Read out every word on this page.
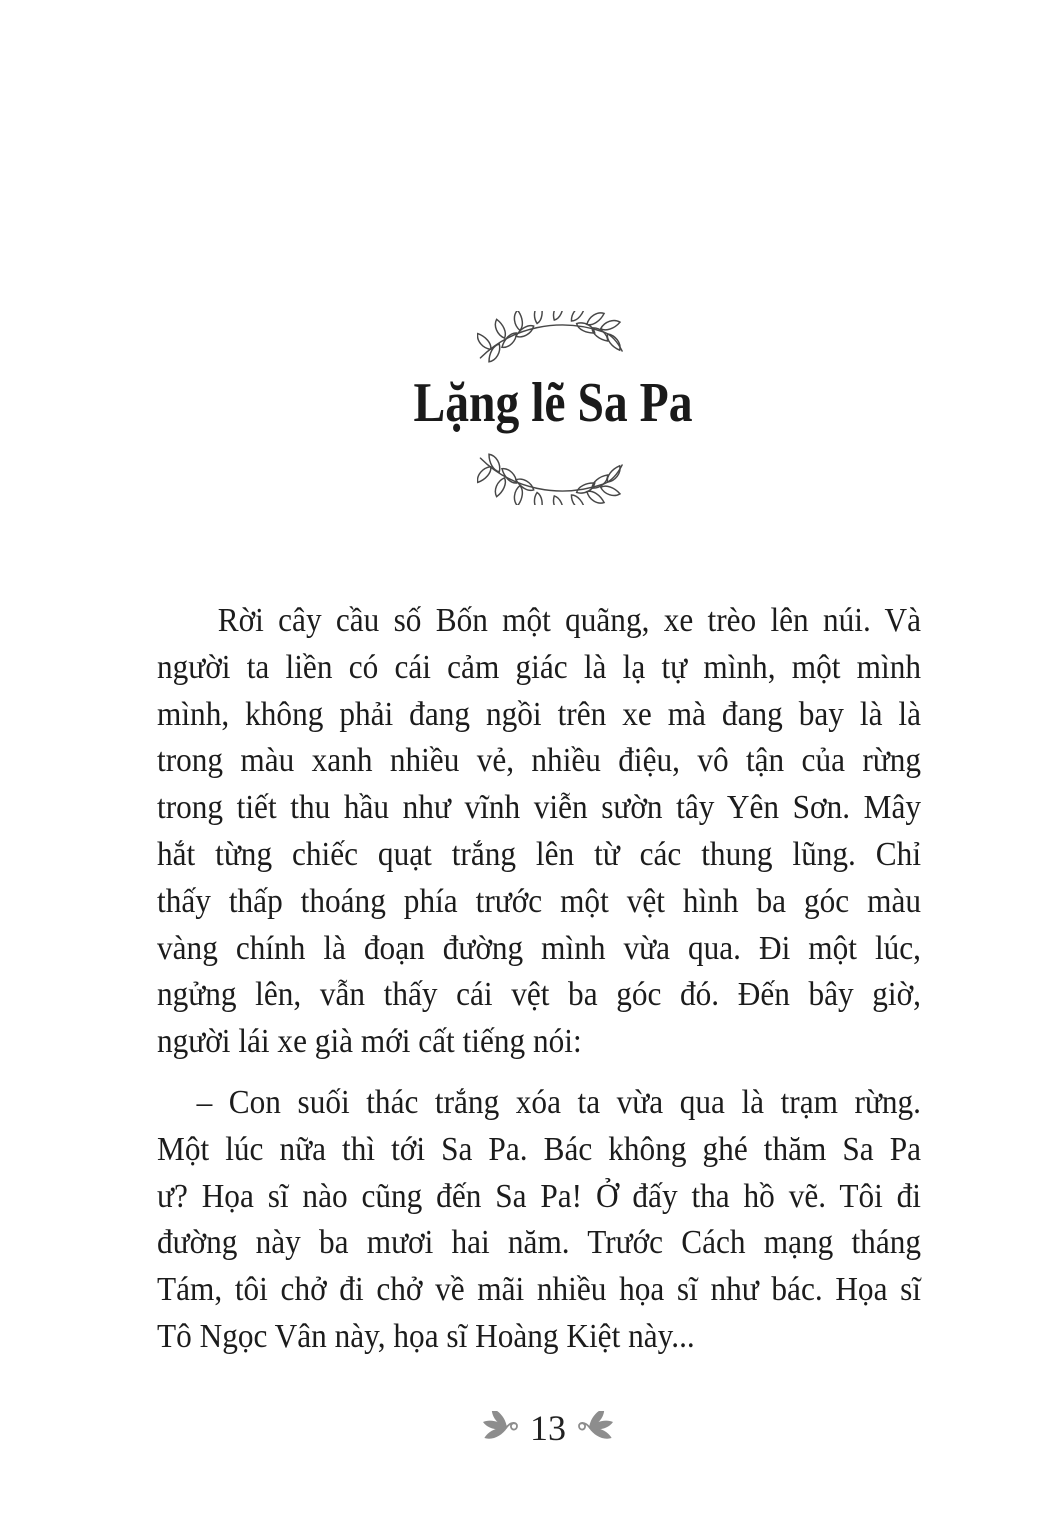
Lặng lẽ Sa Pa
Rời cây cầu số Bốn một quãng, xe trèo lên núi. Và
người ta liền có cái cảm giác là lạ tự mình, một mình
mình, không phải đang ngồi trên xe mà đang bay là là
trong màu xanh nhiều vẻ, nhiều điệu, vô tận của rừng
trong tiết thu hầu như vĩnh viễn sườn tây Yên Sơn. Mây
hắt từng chiếc quạt trắng lên từ các thung lũng. Chỉ
thấy thấp thoáng phía trước một vệt hình ba góc màu
vàng chính là đoạn đường mình vừa qua. Đi một lúc,
ngửng lên, vẫn thấy cái vệt ba góc đó. Đến bây giờ,
người lái xe già mới cất tiếng nói:
– Con suối thác trắng xóa ta vừa qua là trạm rừng.
Một lúc nữa thì tới Sa Pa. Bác không ghé thăm Sa Pa
ư? Họa sĩ nào cũng đến Sa Pa! Ở đấy tha hồ vẽ. Tôi đi
đường này ba mươi hai năm. Trước Cách mạng tháng
Tám, tôi chở đi chở về mãi nhiều họa sĩ như bác. Họa sĩ
Tô Ngọc Vân này, họa sĩ Hoàng Kiệt này...
13
